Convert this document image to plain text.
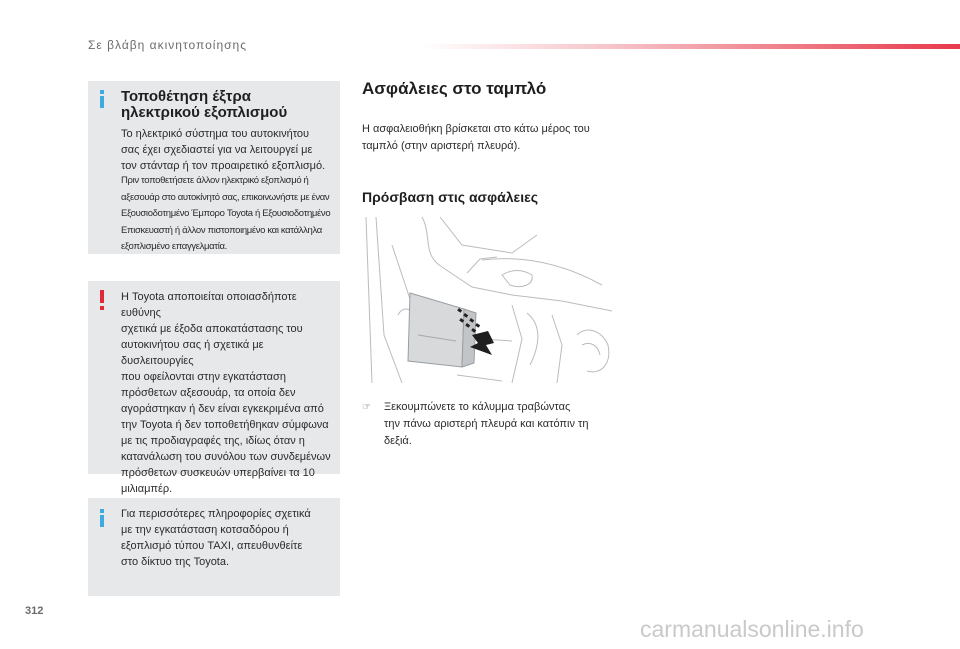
Σε βλάβη ακινητοποίησης
Τοποθέτηση έξτρα
ηλεκτρικού εξοπλισμού
Το ηλεκτρικό σύστημα του αυτοκινήτου
σας έχει σχεδιαστεί για να λειτουργεί με
τον στάνταρ ή τον προαιρετικό εξοπλισμό.
Πριν τοποθετήσετε άλλον ηλεκτρικό εξοπλισμό ή
αξεσουάρ στο αυτοκίνητό σας, επικοινωνήστε με έναν
Εξουσιοδοτημένο Έμπορο Toyota ή Εξουσιοδοτημένο
Επισκευαστή ή άλλον πιστοποιημένο και κατάλληλα
εξοπλισμένο επαγγελματία.
Η Toyota αποποιείται οποιασδήποτε ευθύνης
σχετικά με έξοδα αποκατάστασης του
αυτοκινήτου σας ή σχετικά με δυσλειτουργίες
που οφείλονται στην εγκατάσταση
πρόσθετων αξεσουάρ, τα οποία δεν
αγοράστηκαν ή δεν είναι εγκεκριμένα από
την Toyota ή δεν τοποθετήθηκαν σύμφωνα
με τις προδιαγραφές της, ιδίως όταν η
κατανάλωση του συνόλου των συνδεμένων
πρόσθετων συσκευών υπερβαίνει τα 10
μιλιαμπέρ.
Για περισσότερες πληροφορίες σχετικά
με την εγκατάσταση κοτσαδόρου ή
εξοπλισμό τύπου TAXI, απευθυνθείτε
στο δίκτυο της Toyota.
Ασφάλειες στο ταμπλό
Η ασφαλειοθήκη βρίσκεται στο κάτω μέρος του
ταμπλό (στην αριστερή πλευρά).
Πρόσβαση στις ασφάλειες
☞	Ξεκουμπώνετε το κάλυμμα τραβώντας
την πάνω αριστερή πλευρά και κατόπιν τη
δεξιά.
312
carmanualsonline.info
